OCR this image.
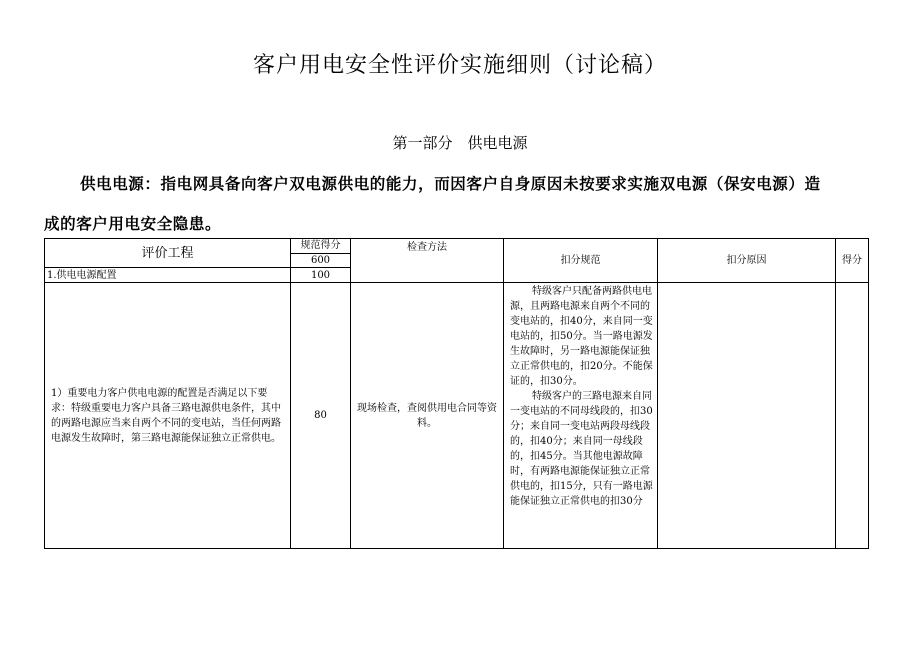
客户用电安全性评价实施细则（讨论稿）
第一部分　供电电源
供电电源：指电网具备向客户双电源供电的能力，而因客户自身原因未按要求实施双电源（保安电源）造成的客户用电安全隐患。
评价工程	规范得分	检查方法	扣分规范	扣分原因	得分
	600				
1.供电电源配置	100				
1）重要电力客户供电电源的配置是否满足以下要求：特级重要电力客户具备三路电源供电条件，其中的两路电源应当来自两个不同的变电站，当任何两路电源发生故障时，第三路电源能保证独立正常供电。	80	现场检查，查阅供用电合同等资料。	特级客户只配备两路供电电源，且两路电源来自两个不同的变电站的，扣40分，来自同一变电站的，扣50分。当一路电源发生故障时，另一路电源能保证独立正常供电的，扣20分。不能保证的，扣30分。

特级客户的三路电源来自同一变电站的不同母线段的，扣30分；来自同一变电站两段母线段的，扣40分；来自同一母线段的，扣45分。当其他电源故障时，有两路电源能保证独立正常供电的，扣15分，只有一路电源能保证独立正常供电的扣30分		
